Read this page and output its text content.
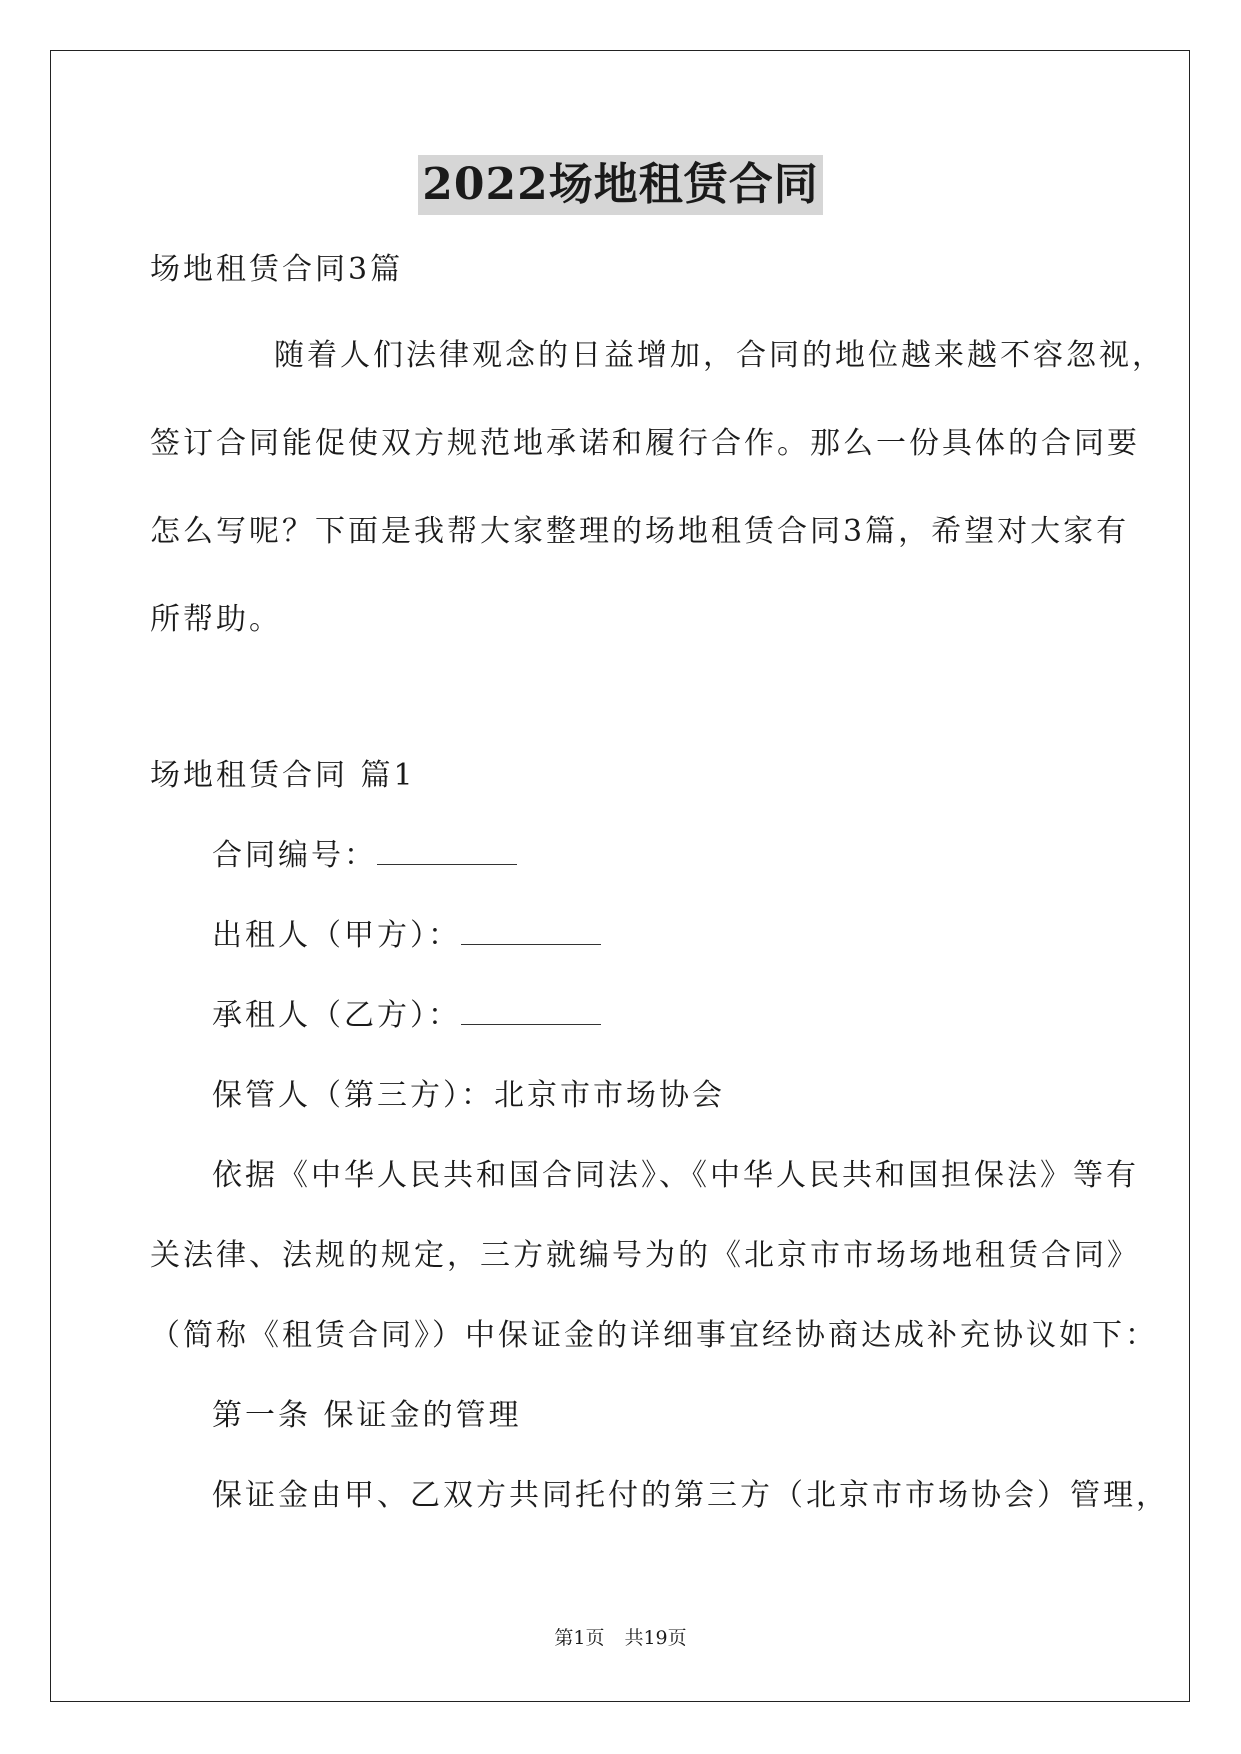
2022场地租赁合同

场地租赁合同3篇

随着人们法律观念的日益增加，合同的地位越来越不容忽视，

签订合同能促使双方规范地承诺和履行合作。那么一份具体的合同要

怎么写呢？下面是我帮大家整理的场地租赁合同3篇，希望对大家有

所帮助。

场地租赁合同 篇1

合同编号：

出租人（甲方）：

承租人（乙方）：

保管人（第三方）：北京市市场协会

依据《中华人民共和国合同法》、《中华人民共和国担保法》等有

关法律、法规的规定，三方就编号为的《北京市市场场地租赁合同》

（简称《租赁合同》）中保证金的详细事宜经协商达成补充协议如下：

第一条 保证金的管理

保证金由甲、乙双方共同托付的第三方（北京市市场协会）管理，

第1页 共19页
